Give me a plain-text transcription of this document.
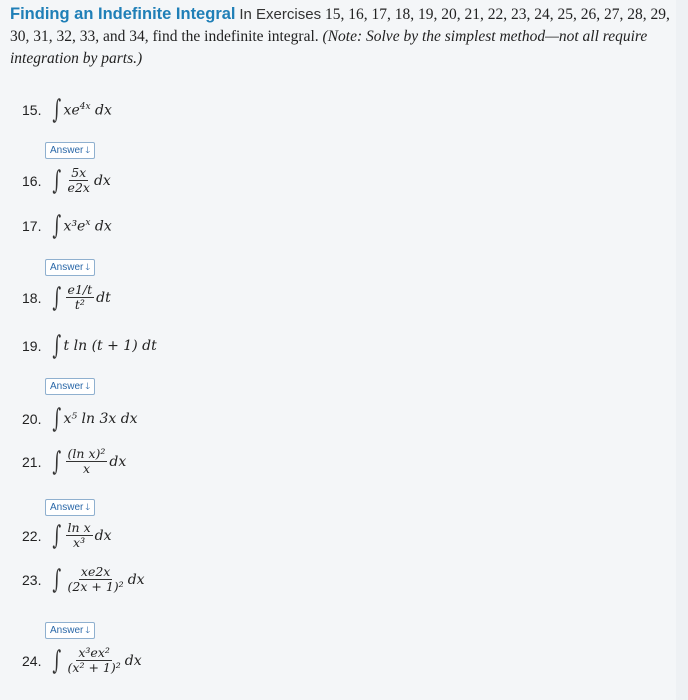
Finding an Indefinite Integral In Exercises 15, 16, 17, 18, 19, 20, 21, 22, 23, 24, 25, 26, 27, 28, 29, 30, 31, 32, 33, and 34, find the indefinite integral. (Note: Solve by the simplest method—not all require integration by parts.)
15. ∫ $xe^{4x}$ dx
Answer 🡓
16. ∫ $\frac{5x}{e2x}$ dx
17. ∫ $x^3e^x$ dx
Answer 🡓
18. ∫ $\frac{e1/t}{\text{t²}}$ dt
19. ∫ t ln (t + 1) dt
Answer 🡓
20. ∫ x⁵ ln 3x dx
21. ∫ $\frac{\text{(ln x)²}}{x}$ dx
Answer 🡓
22. ∫ $\frac{\text{ln x}}{\text{x³}}$ dx
23. ∫ $\frac{xe2x}{\text{(2x + 1)²}}$ dx
Answer 🡓
24. ∫ $\frac{\text{x³ex²}}{\text{(x² + 1)²}}$ dx
